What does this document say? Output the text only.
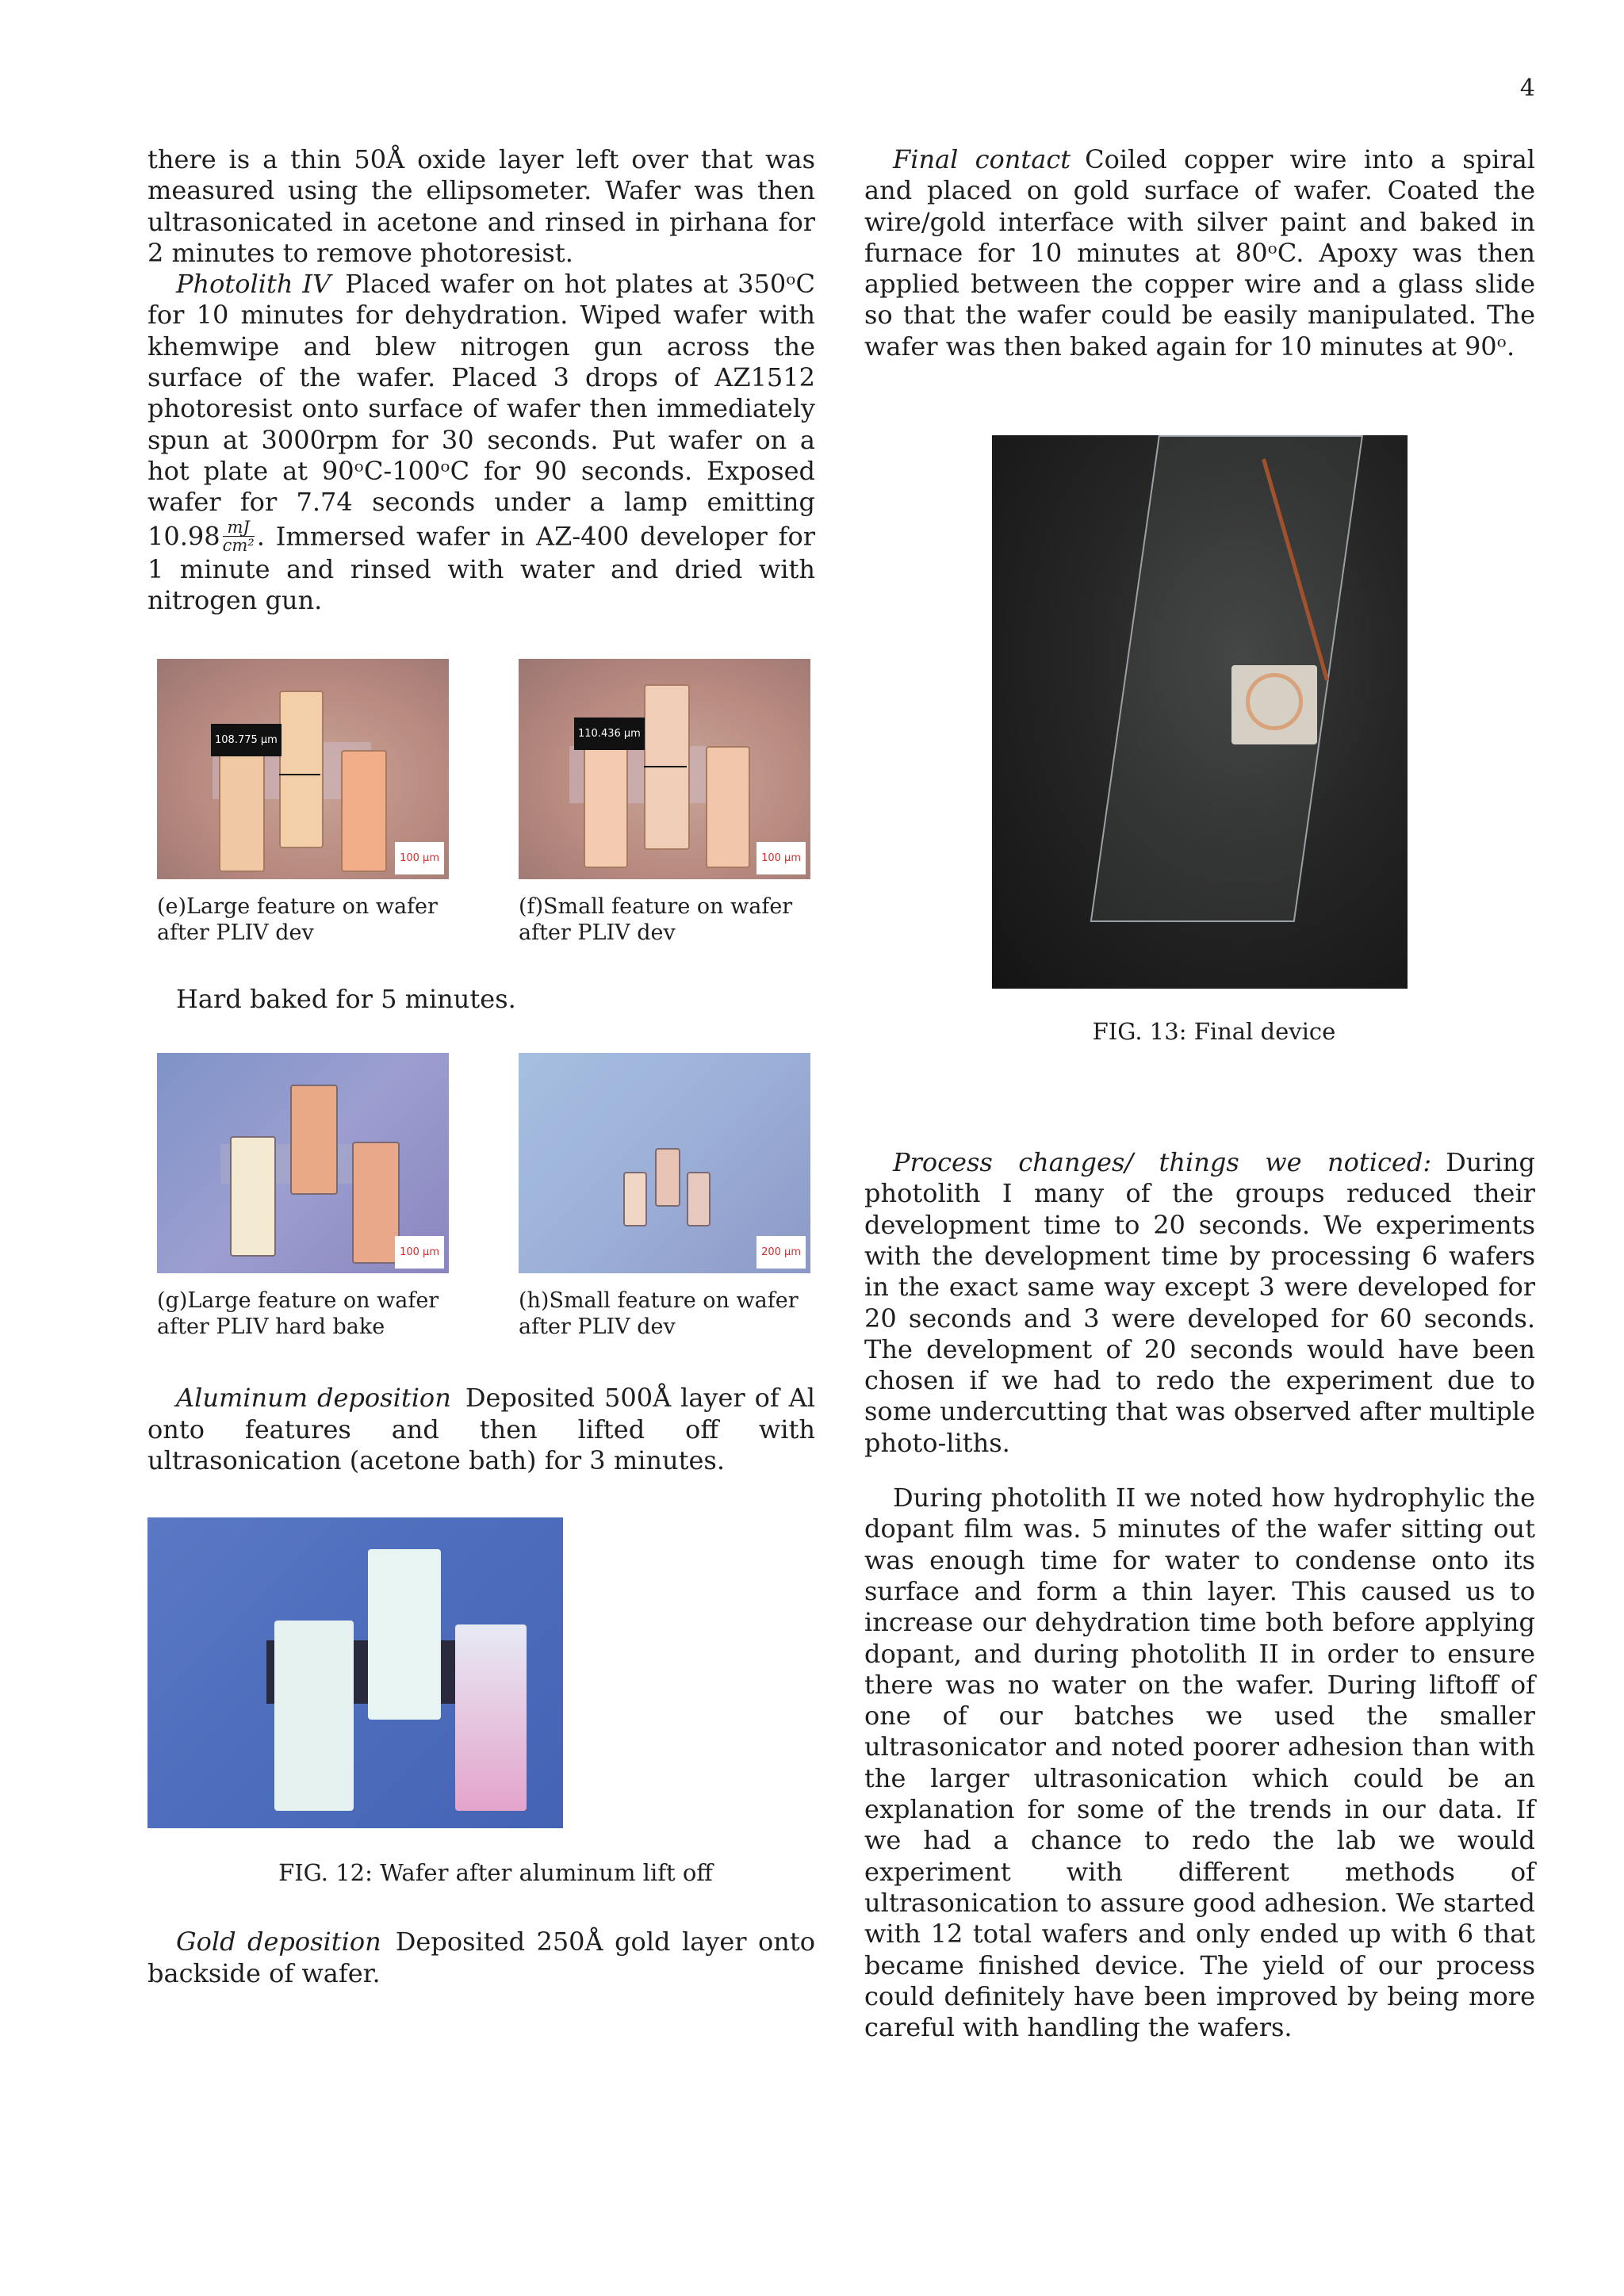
4

there is a thin 50Å oxide layer left over that was measured using the ellipsometer. Wafer was then ultrasonicated in acetone and rinsed in pirhana for 2 minutes to remove photoresist.

Photolith IV Placed wafer on hot plates at 350ᵒC for 10 minutes for dehydration. Wiped wafer with khemwipe and blew nitrogen gun across the surface of the wafer. Placed 3 drops of AZ1512 photoresist onto surface of wafer then immediately spun at 3000rpm for 30 seconds. Put wafer on a hot plate at 90ᵒC-100ᵒC for 90 seconds. Exposed wafer for 7.74 seconds under a lamp emitting $10.98 \frac{mJ}{\text{cm²}}$ . Immersed wafer in AZ-400 developer for 1 minute and rinsed with water and dried with nitrogen gun.

108.775 µm
100 µm
(e)Large feature on wafer after PLIV dev
110.436 µm
100 µm
(f)Small feature on wafer after PLIV dev

Hard baked for 5 minutes.

100 µm
(g)Large feature on wafer after PLIV hard bake
200 µm
(h)Small feature on wafer after PLIV dev

Aluminum deposition Deposited 500Å layer of Al onto features and then lifted off with ultrasonication (acetone bath) for 3 minutes.

FIG. 12: Wafer after aluminum lift off

Gold deposition Deposited 250Å gold layer onto backside of wafer.

Final contact Coiled copper wire into a spiral and placed on gold surface of wafer. Coated the wire/gold interface with silver paint and baked in furnace for 10 minutes at 80ᵒC. Apoxy was then applied between the copper wire and a glass slide so that the wafer could be easily manipulated. The wafer was then baked again for 10 minutes at 90ᵒ.

FIG. 13: Final device

Process changes/ things we noticed: During photolith I many of the groups reduced their development time to 20 seconds. We experiments with the development time by processing 6 wafers in the exact same way except 3 were developed for 20 seconds and 3 were developed for 60 seconds. The development of 20 seconds would have been chosen if we had to redo the experiment due to some undercutting that was observed after multiple photo-liths.

During photolith II we noted how hydrophylic the dopant film was. 5 minutes of the wafer sitting out was enough time for water to condense onto its surface and form a thin layer. This caused us to increase our dehydration time both before applying dopant, and during photolith II in order to ensure there was no water on the wafer. During liftoff of one of our batches we used the smaller ultrasonicator and noted poorer adhesion than with the larger ultrasonication which could be an explanation for some of the trends in our data. If we had a chance to redo the lab we would experiment with different methods of ultrasonication to assure good adhesion. We started with 12 total wafers and only ended up with 6 that became finished device. The yield of our process could definitely have been improved by being more careful with handling the wafers.
